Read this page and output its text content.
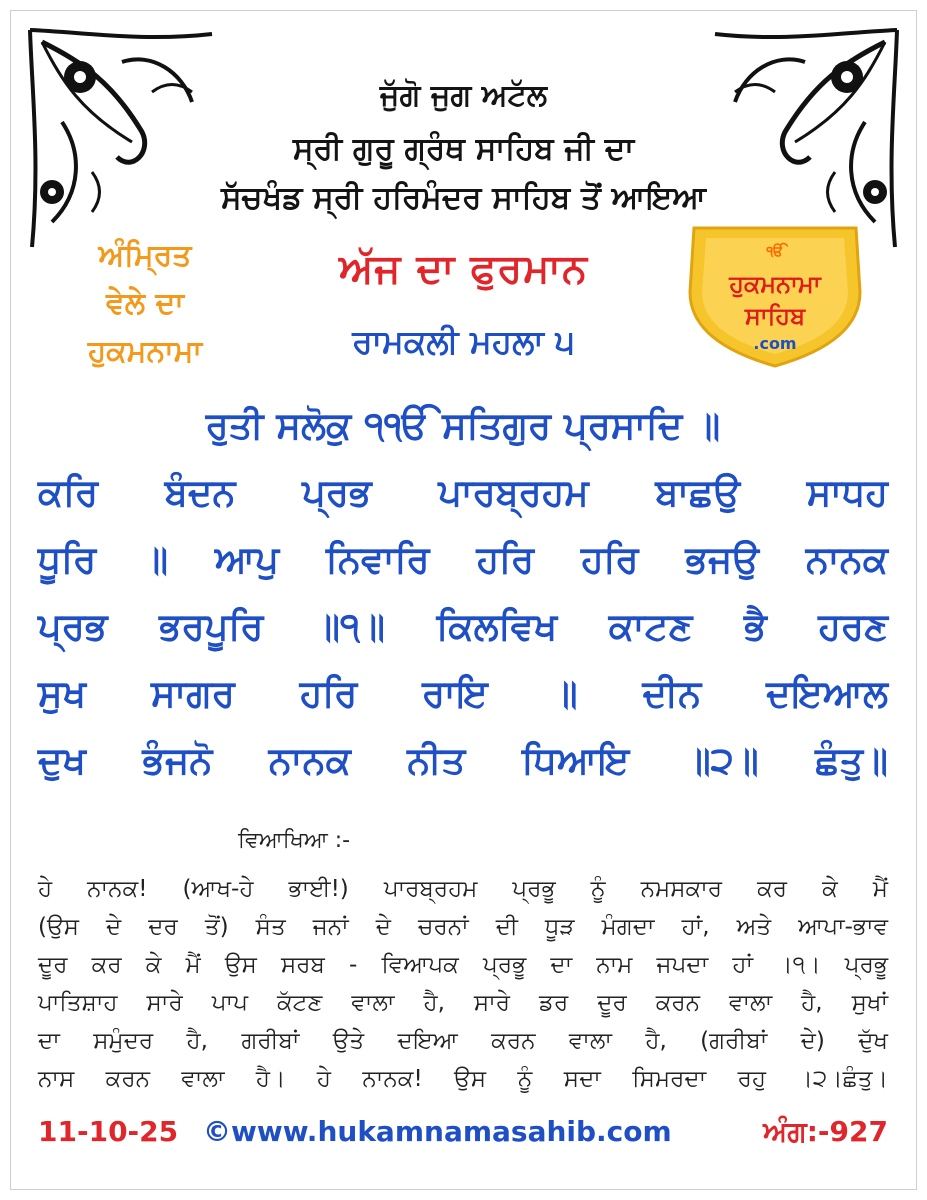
ਜੁੱਗੋ ਜੁਗ ਅਟੱਲ
ਸ੍ਰੀ ਗੁਰੂ ਗ੍ਰੰਥ ਸਾਹਿਬ ਜੀ ਦਾ
ਸੱਚਖੰਡ ਸ੍ਰੀ ਹਰਿਮੰਦਰ ਸਾਹਿਬ ਤੋਂ ਆਇਆ
ਅੰਮ੍ਰਿਤ
ਵੇਲੇ ਦਾ
ਹੁਕਮਨਾਮਾ
ਅੱਜ ਦਾ ਫੁਰਮਾਨ
ਰਾਮਕਲੀ ਮਹਲਾ ੫
ੴ
ਹੁਕਮਨਾਮਾ
ਸਾਹਿਬ
.com
ਰੁਤੀ ਸਲੋਕੁ ੧ੴ ਸਤਿਗੁਰ ਪ੍ਰਸਾਦਿ ॥
ਕਰਿ ਬੰਦਨ ਪ੍ਰਭ ਪਾਰਬ੍ਰਹਮ ਬਾਛਉ ਸਾਧਹ
ਧੂਰਿ ॥ ਆਪੁ ਨਿਵਾਰਿ ਹਰਿ ਹਰਿ ਭਜਉ ਨਾਨਕ
ਪ੍ਰਭ ਭਰਪੂਰਿ ॥੧॥ ਕਿਲਵਿਖ ਕਾਟਣ ਭੈ ਹਰਣ
ਸੁਖ ਸਾਗਰ ਹਰਿ ਰਾਇ ॥ ਦੀਨ ਦਇਆਲ
ਦੁਖ ਭੰਜਨੋ ਨਾਨਕ ਨੀਤ ਧਿਆਇ ॥੨॥ ਛੰਤੁ॥
ਵਿਆਖਿਆ :-
ਹੇ ਨਾਨਕ! (ਆਖ-ਹੇ ਭਾਈ!) ਪਾਰਬ੍ਰਹਮ ਪ੍ਰਭੂ ਨੂੰ ਨਮਸਕਾਰ ਕਰ ਕੇ ਮੈਂ
(ਉਸ ਦੇ ਦਰ ਤੋਂ) ਸੰਤ ਜਨਾਂ ਦੇ ਚਰਨਾਂ ਦੀ ਧੂੜ ਮੰਗਦਾ ਹਾਂ, ਅਤੇ ਆਪਾ-ਭਾਵ
ਦੂਰ ਕਰ ਕੇ ਮੈਂ ਉਸ ਸਰਬ - ਵਿਆਪਕ ਪ੍ਰਭੂ ਦਾ ਨਾਮ ਜਪਦਾ ਹਾਂ ।੧। ਪ੍ਰਭੂ
ਪਾਤਿਸ਼ਾਹ ਸਾਰੇ ਪਾਪ ਕੱਟਣ ਵਾਲਾ ਹੈ, ਸਾਰੇ ਡਰ ਦੂਰ ਕਰਨ ਵਾਲਾ ਹੈ, ਸੁਖਾਂ
ਦਾ ਸਮੁੰਦਰ ਹੈ, ਗਰੀਬਾਂ ਉਤੇ ਦਇਆ ਕਰਨ ਵਾਲਾ ਹੈ, (ਗਰੀਬਾਂ ਦੇ) ਦੁੱਖ
ਨਾਸ ਕਰਨ ਵਾਲਾ ਹੈ। ਹੇ ਨਾਨਕ! ਉਸ ਨੂੰ ਸਦਾ ਸਿਮਰਦਾ ਰਹੁ ।੨।ਛੰਤੁ।
11-10-25 ©www.hukamnamasahib.com	ਅੰਗ:-927
